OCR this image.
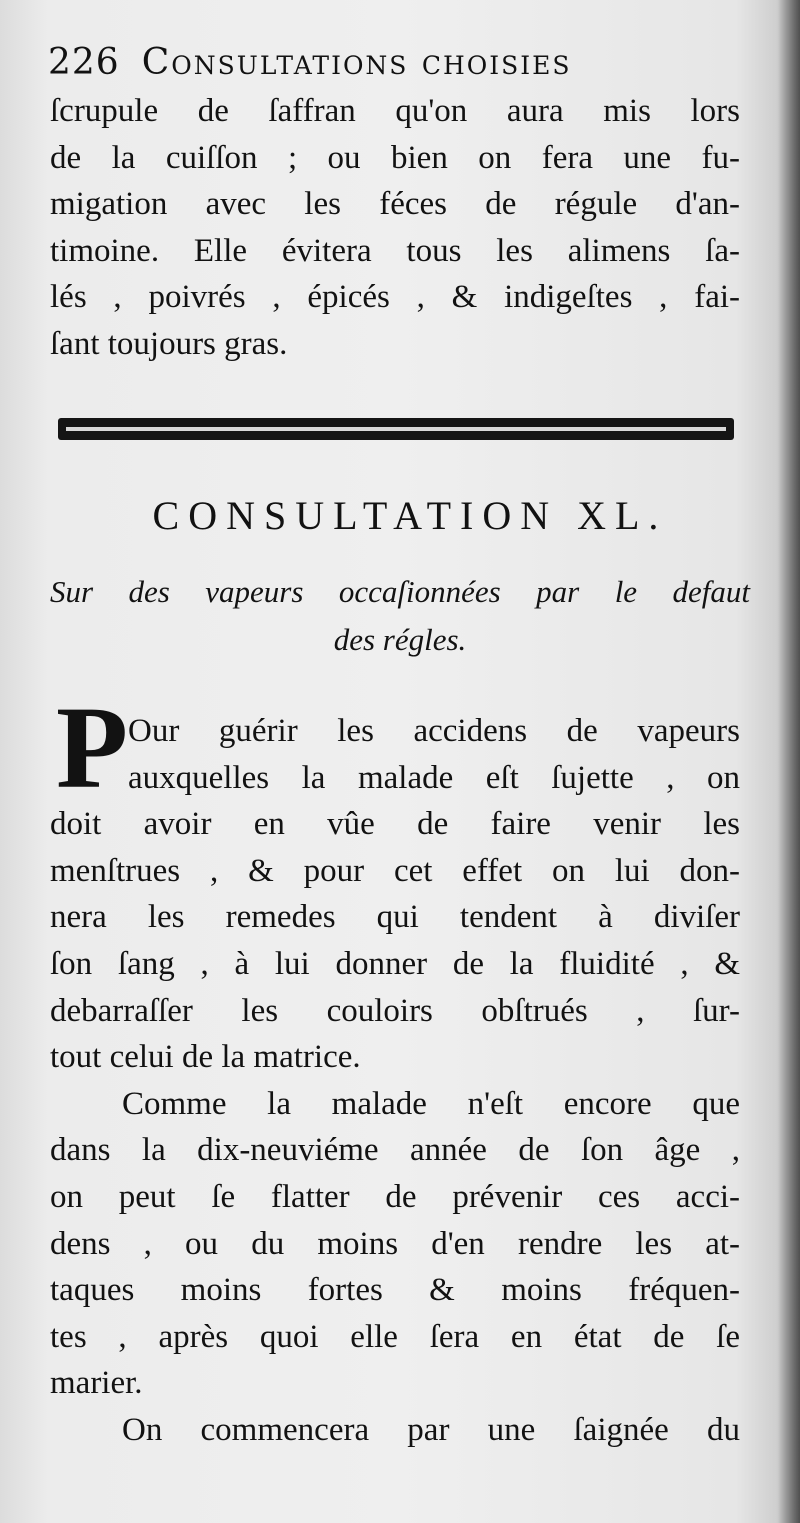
226 Consultations choisies
ſcrupule de ſaffran qu'on aura mis lors
de la cuiſſon ; ou bien on fera une fu-
migation avec les féces de régule d'an-
timoine. Elle évitera tous les alimens ſa-
lés , poivrés , épicés , & indigeſtes , fai-
ſant toujours gras.
CONSULTATION XL.
Sur des vapeurs occaſionnées par le defaut
des régles.
P Our guérir les accidens de vapeurs
auxquelles la malade eſt ſujette , on
doit avoir en vûe de faire venir les
menſtrues , & pour cet effet on lui don-
nera les remedes qui tendent à diviſer
ſon ſang , à lui donner de la fluidité , &
debarraſſer les couloirs obſtrués , ſur-
tout celui de la matrice.
Comme la malade n'eſt encore que
dans la dix-neuviéme année de ſon âge ,
on peut ſe flatter de prévenir ces acci-
dens , ou du moins d'en rendre les at-
taques moins fortes & moins fréquen-
tes , après quoi elle ſera en état de ſe
marier.
On commencera par une ſaignée du
